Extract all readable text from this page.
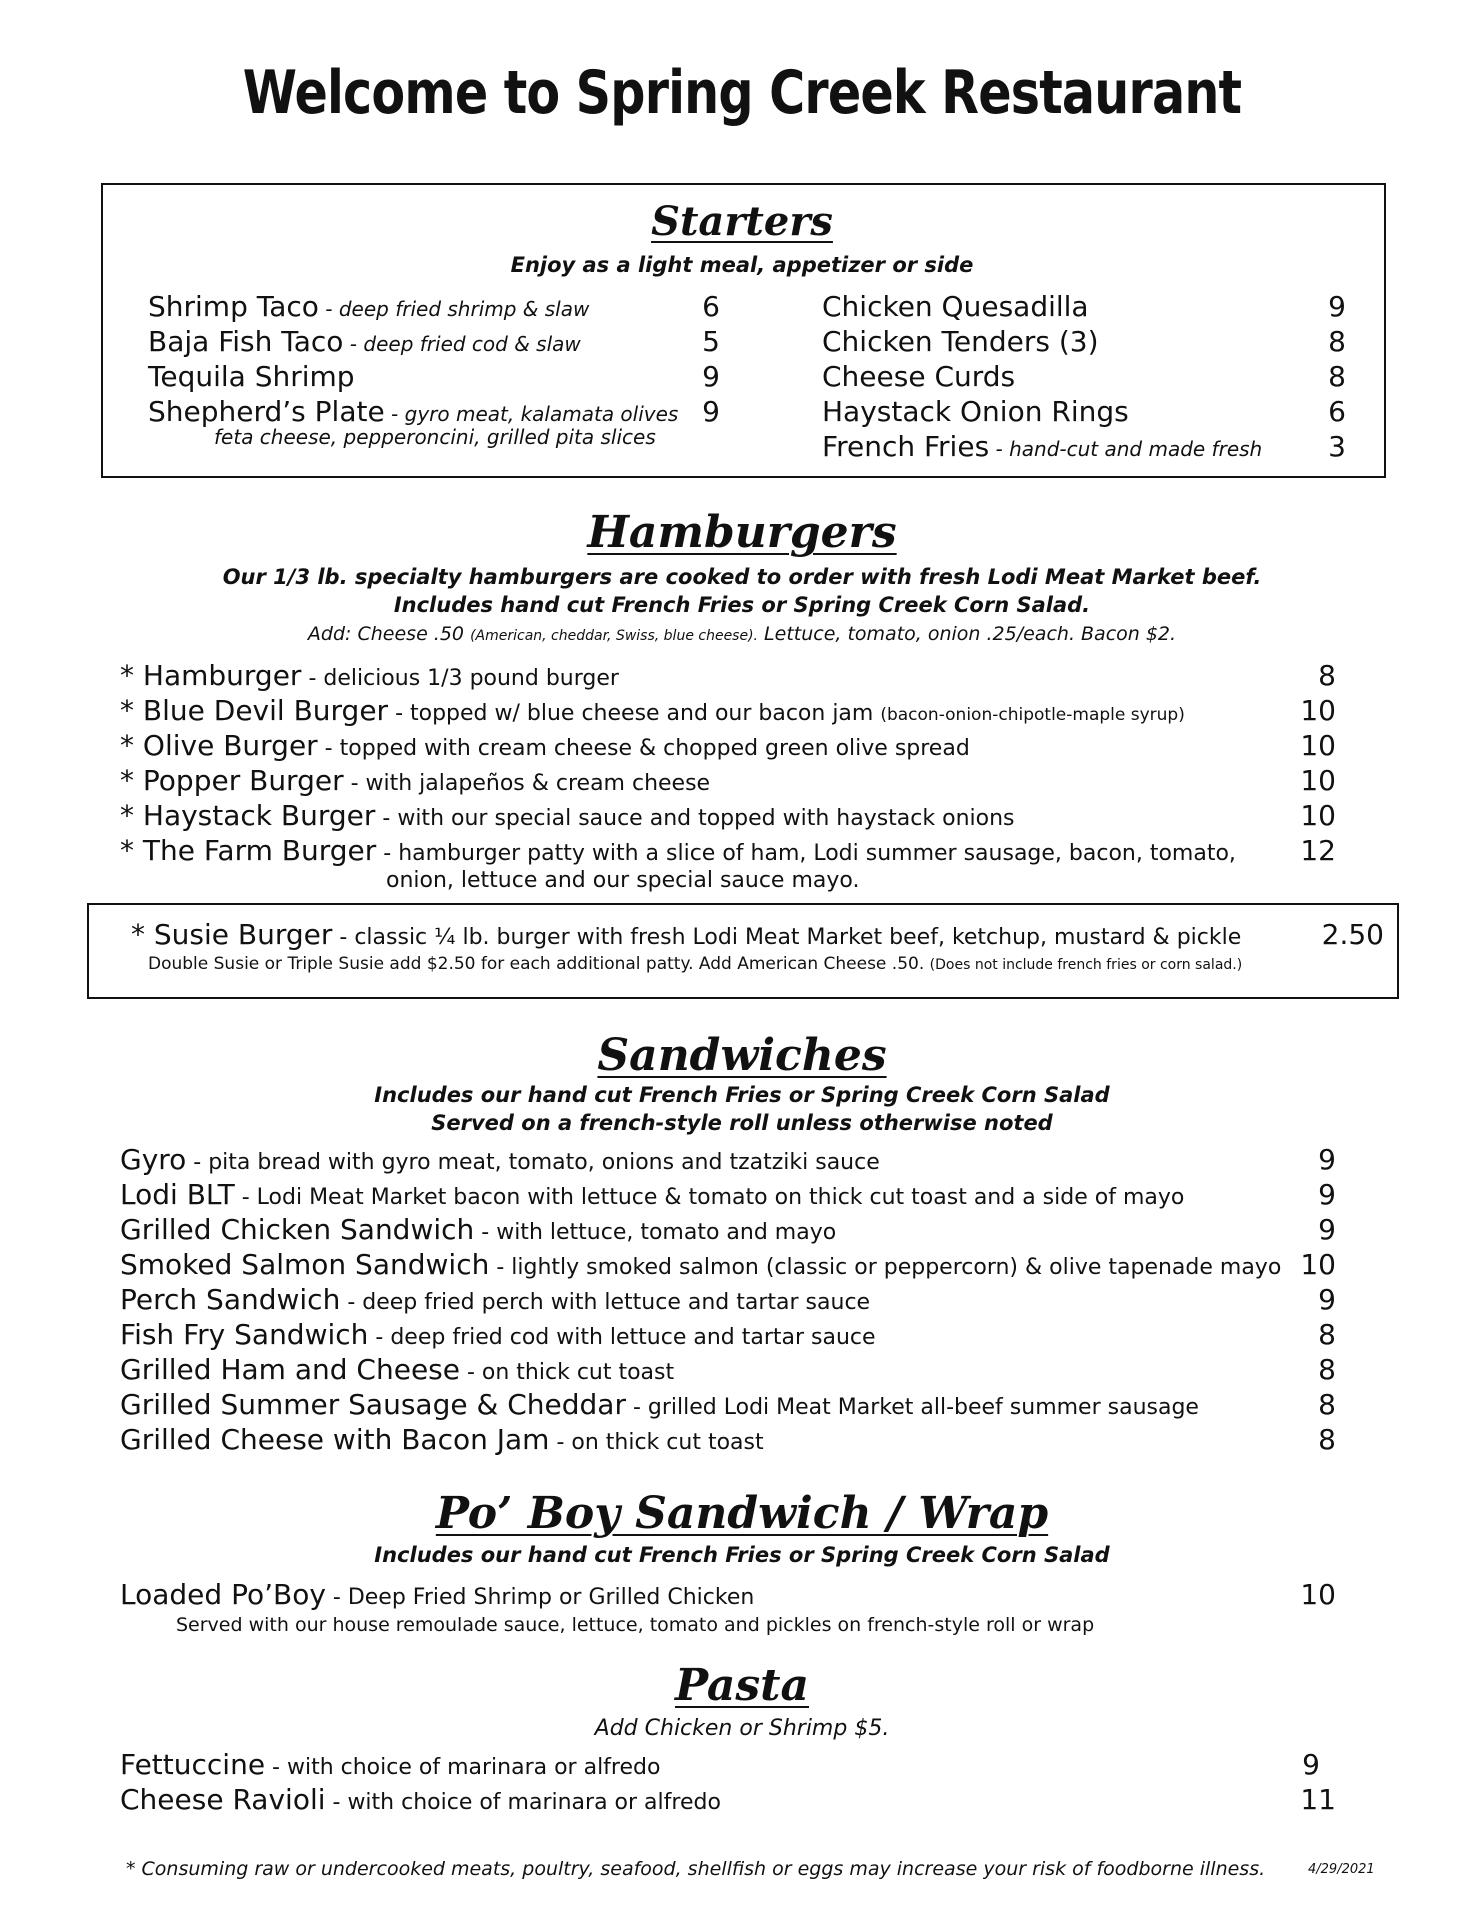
Welcome to Spring Creek Restaurant
Starters
Enjoy as a light meal, appetizer or side
Shrimp Taco - deep fried shrimp & slaw	6
Baja Fish Taco - deep fried cod & slaw	5
Tequila Shrimp	9
Shepherd’s Plate - gyro meat, kalamata olives 9
feta cheese, pepperoncini, grilled pita slices
Chicken Quesadilla	9
Chicken Tenders (3)	8
Cheese Curds	8
Haystack Onion Rings	6
French Fries - hand-cut and made fresh	3
Hamburgers
Our 1/3 lb. specialty hamburgers are cooked to order with fresh Lodi Meat Market beef.
Includes hand cut French Fries or Spring Creek Corn Salad.
Add: Cheese .50 (American, cheddar, Swiss, blue cheese). Lettuce, tomato, onion .25/each. Bacon $2.
* Hamburger - delicious 1/3 pound burger	8
* Blue Devil Burger - topped w/ blue cheese and our bacon jam (bacon-onion-chipotle-maple syrup)	10
* Olive Burger - topped with cream cheese & chopped green olive spread	10
* Popper Burger - with jalapeños & cream cheese	10
* Haystack Burger - with our special sauce and topped with haystack onions	10
* The Farm Burger - hamburger patty with a slice of ham, Lodi summer sausage, bacon, tomato,	12
onion, lettuce and our special sauce mayo.
* Susie Burger - classic ¼ lb. burger with fresh Lodi Meat Market beef, ketchup, mustard & pickle	2.50
Double Susie or Triple Susie add $2.50 for each additional patty. Add American Cheese .50. (Does not include french fries or corn salad.)
Sandwiches
Includes our hand cut French Fries or Spring Creek Corn Salad
Served on a french-style roll unless otherwise noted
Gyro - pita bread with gyro meat, tomato, onions and tzatziki sauce	9
Lodi BLT - Lodi Meat Market bacon with lettuce & tomato on thick cut toast and a side of mayo	9
Grilled Chicken Sandwich - with lettuce, tomato and mayo	9
Smoked Salmon Sandwich - lightly smoked salmon (classic or peppercorn) & olive tapenade mayo 10
Perch Sandwich - deep fried perch with lettuce and tartar sauce	9
Fish Fry Sandwich - deep fried cod with lettuce and tartar sauce	8
Grilled Ham and Cheese - on thick cut toast	8
Grilled Summer Sausage & Cheddar - grilled Lodi Meat Market all-beef summer sausage	8
Grilled Cheese with Bacon Jam - on thick cut toast	8
Po’ Boy Sandwich / Wrap
Includes our hand cut French Fries or Spring Creek Corn Salad
Loaded Po’Boy - Deep Fried Shrimp or Grilled Chicken	10
Served with our house remoulade sauce, lettuce, tomato and pickles on french-style roll or wrap
Pasta
Add Chicken or Shrimp $5.
Fettuccine - with choice of marinara or alfredo	9
Cheese Ravioli - with choice of marinara or alfredo	11
* Consuming raw or undercooked meats, poultry, seafood, shellfish or eggs may increase your risk of foodborne illness.	4/29/2021
